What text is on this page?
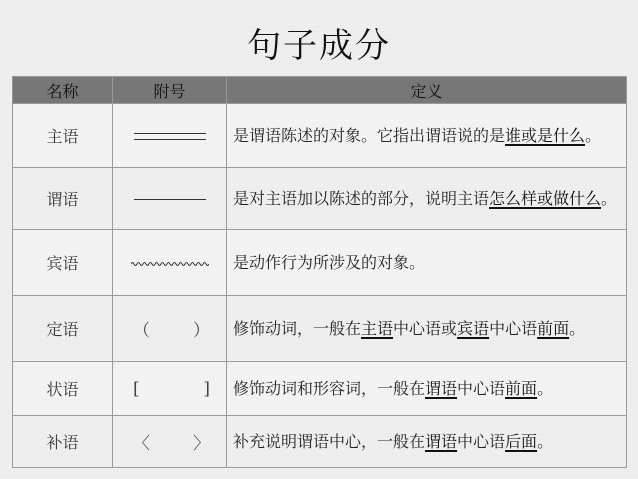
句子成分
名称	附号	定义
主语		是谓语陈述的对象。它指出谓语说的是谁或是什么。
谓语		是对主语加以陈述的部分，说明主语怎么样或做什么。
宾语		是动作行为所涉及的对象。
定语	（ ）	修饰动词，一般在主语中心语或宾语中心语前面。
状语	[ ]	修饰动词和形容词，一般在谓语中心语前面。
补语	〈 〉	补充说明谓语中心，一般在谓语中心语后面。
